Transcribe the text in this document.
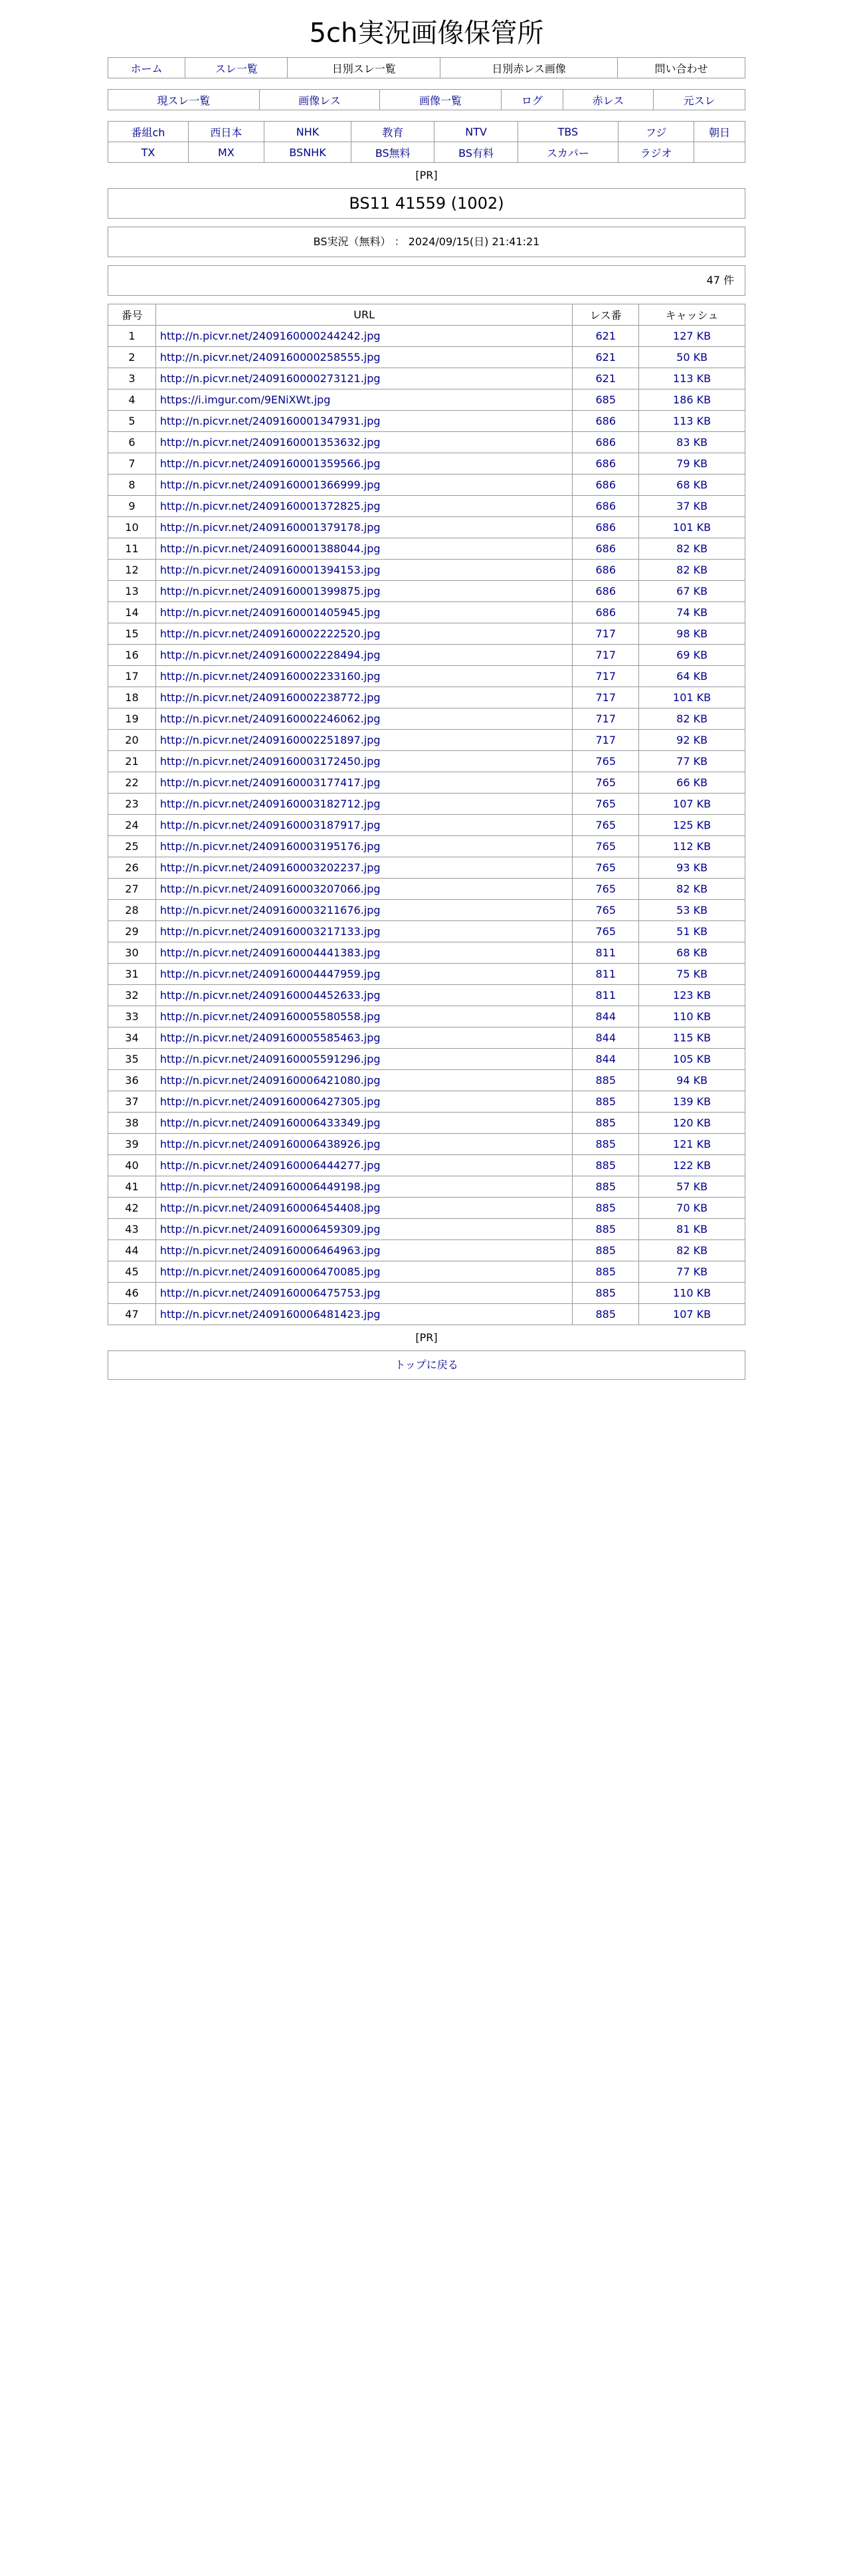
5ch実況画像保管所
ホーム	スレ一覧	日別スレ一覧	日別赤レス画像	問い合わせ
現スレ一覧	画像レス	画像一覧	ログ	赤レス	元スレ
番組ch	西日本	NHK	教育	NTV	TBS	フジ	朝日
TX	MX	BSNHK	BS無料	BS有料	スカパー	ラジオ	
[PR]
BS11 41559 (1002)
BS実況（無料） ： 2024/09/15(日) 21:41:21
47 件
番号	URL	レス番	キャッシュ
1	http://n.picvr.net/2409160000244242.jpg	621	127 KB
2	http://n.picvr.net/2409160000258555.jpg	621	50 KB
3	http://n.picvr.net/2409160000273121.jpg	621	113 KB
4	https://i.imgur.com/9ENiXWt.jpg	685	186 KB
5	http://n.picvr.net/2409160001347931.jpg	686	113 KB
6	http://n.picvr.net/2409160001353632.jpg	686	83 KB
7	http://n.picvr.net/2409160001359566.jpg	686	79 KB
8	http://n.picvr.net/2409160001366999.jpg	686	68 KB
9	http://n.picvr.net/2409160001372825.jpg	686	37 KB
10	http://n.picvr.net/2409160001379178.jpg	686	101 KB
11	http://n.picvr.net/2409160001388044.jpg	686	82 KB
12	http://n.picvr.net/2409160001394153.jpg	686	82 KB
13	http://n.picvr.net/2409160001399875.jpg	686	67 KB
14	http://n.picvr.net/2409160001405945.jpg	686	74 KB
15	http://n.picvr.net/2409160002222520.jpg	717	98 KB
16	http://n.picvr.net/2409160002228494.jpg	717	69 KB
17	http://n.picvr.net/2409160002233160.jpg	717	64 KB
18	http://n.picvr.net/2409160002238772.jpg	717	101 KB
19	http://n.picvr.net/2409160002246062.jpg	717	82 KB
20	http://n.picvr.net/2409160002251897.jpg	717	92 KB
21	http://n.picvr.net/2409160003172450.jpg	765	77 KB
22	http://n.picvr.net/2409160003177417.jpg	765	66 KB
23	http://n.picvr.net/2409160003182712.jpg	765	107 KB
24	http://n.picvr.net/2409160003187917.jpg	765	125 KB
25	http://n.picvr.net/2409160003195176.jpg	765	112 KB
26	http://n.picvr.net/2409160003202237.jpg	765	93 KB
27	http://n.picvr.net/2409160003207066.jpg	765	82 KB
28	http://n.picvr.net/2409160003211676.jpg	765	53 KB
29	http://n.picvr.net/2409160003217133.jpg	765	51 KB
30	http://n.picvr.net/2409160004441383.jpg	811	68 KB
31	http://n.picvr.net/2409160004447959.jpg	811	75 KB
32	http://n.picvr.net/2409160004452633.jpg	811	123 KB
33	http://n.picvr.net/2409160005580558.jpg	844	110 KB
34	http://n.picvr.net/2409160005585463.jpg	844	115 KB
35	http://n.picvr.net/2409160005591296.jpg	844	105 KB
36	http://n.picvr.net/2409160006421080.jpg	885	94 KB
37	http://n.picvr.net/2409160006427305.jpg	885	139 KB
38	http://n.picvr.net/2409160006433349.jpg	885	120 KB
39	http://n.picvr.net/2409160006438926.jpg	885	121 KB
40	http://n.picvr.net/2409160006444277.jpg	885	122 KB
41	http://n.picvr.net/2409160006449198.jpg	885	57 KB
42	http://n.picvr.net/2409160006454408.jpg	885	70 KB
43	http://n.picvr.net/2409160006459309.jpg	885	81 KB
44	http://n.picvr.net/2409160006464963.jpg	885	82 KB
45	http://n.picvr.net/2409160006470085.jpg	885	77 KB
46	http://n.picvr.net/2409160006475753.jpg	885	110 KB
47	http://n.picvr.net/2409160006481423.jpg	885	107 KB
[PR]
トップに戻る
